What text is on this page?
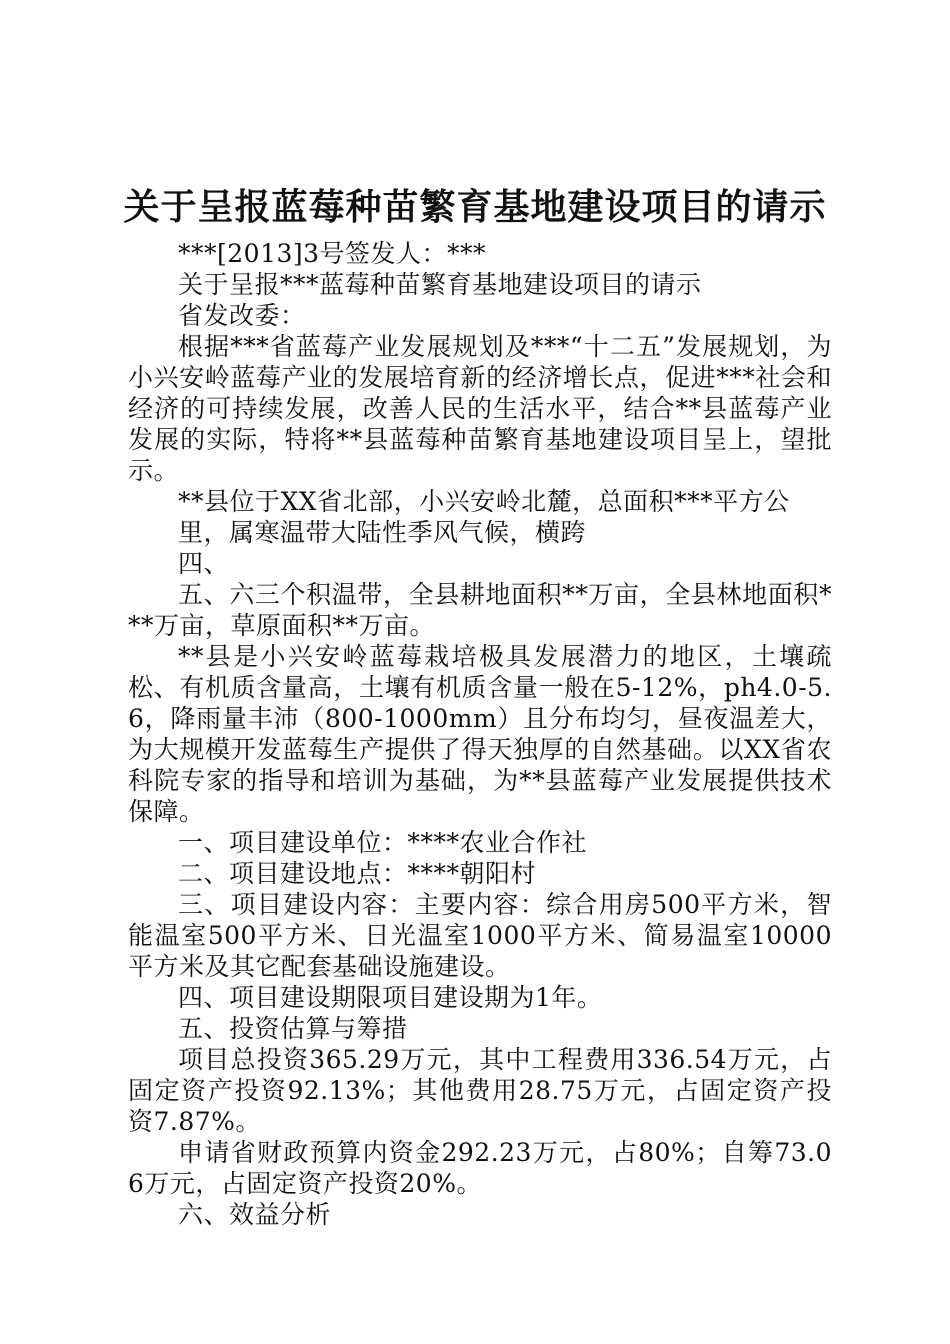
关于呈报蓝莓种苗繁育基地建设项目的请示

***[2013]3号签发人：***

关于呈报***蓝莓种苗繁育基地建设项目的请示

省发改委：

根据***省蓝莓产业发展规划及***“十二五”发展规划，为小兴安岭蓝莓产业的发展培育新的经济增长点，促进***社会和经济的可持续发展，改善人民的生活水平，结合**县蓝莓产业发展的实际，特将**县蓝莓种苗繁育基地建设项目呈上，望批示。

**县位于XX省北部，小兴安岭北麓，总面积***平方公

里，属寒温带大陆性季风气候，横跨

四、

五、六三个积温带，全县耕地面积**万亩，全县林地面积***万亩，草原面积**万亩。

**县是小兴安岭蓝莓栽培极具发展潜力的地区，土壤疏松、有机质含量高，土壤有机质含量一般在5-12%，ph4.0-5.6，降雨量丰沛（800-1000mm）且分布均匀，昼夜温差大，为大规模开发蓝莓生产提供了得天独厚的自然基础。以XX省农科院专家的指导和培训为基础，为**县蓝莓产业发展提供技术保障。

一、项目建设单位：****农业合作社

二、项目建设地点：****朝阳村

三、项目建设内容：主要内容：综合用房500平方米，智能温室500平方米、日光温室1000平方米、简易温室10000平方米及其它配套基础设施建设。

四、项目建设期限项目建设期为1年。

五、投资估算与筹措

项目总投资365.29万元，其中工程费用336.54万元，占固定资产投资92.13%；其他费用28.75万元，占固定资产投资7.87%。

申请省财政预算内资金292.23万元，占80%；自筹73.06万元，占固定资产投资20%。

六、效益分析
